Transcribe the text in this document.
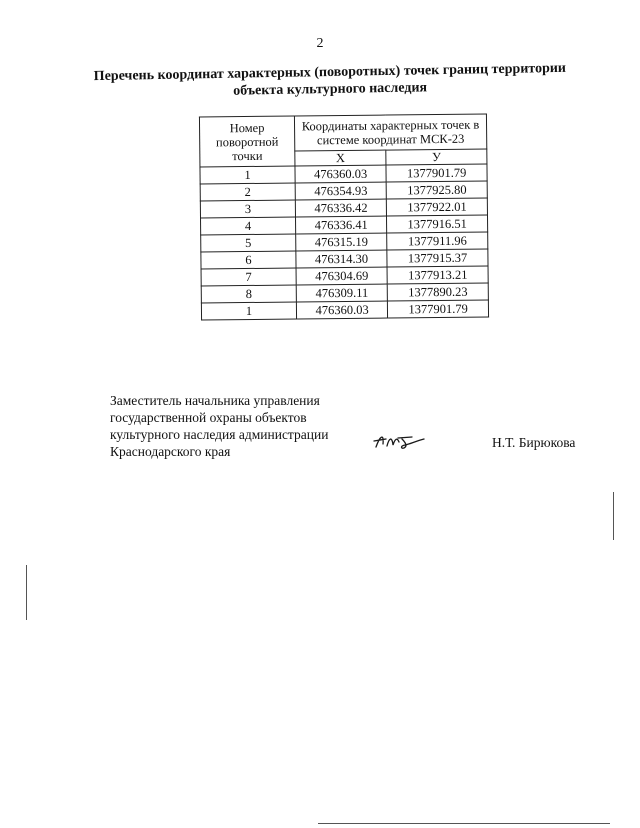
2
Перечень координат характерных (поворотных) точек границ территории
объекта культурного наследия
Номер поворотной точки	Координаты характерных точек в системе координат МСК-23	
	X	У
1	476360.03	1377901.79
2	476354.93	1377925.80
3	476336.42	1377922.01
4	476336.41	1377916.51
5	476315.19	1377911.96
6	476314.30	1377915.37
7	476304.69	1377913.21
8	476309.11	1377890.23
1	476360.03	1377901.79
Заместитель начальника управления
государственной охраны объектов
культурного наследия администрации
Краснодарского края
Н.Т. Бирюкова
